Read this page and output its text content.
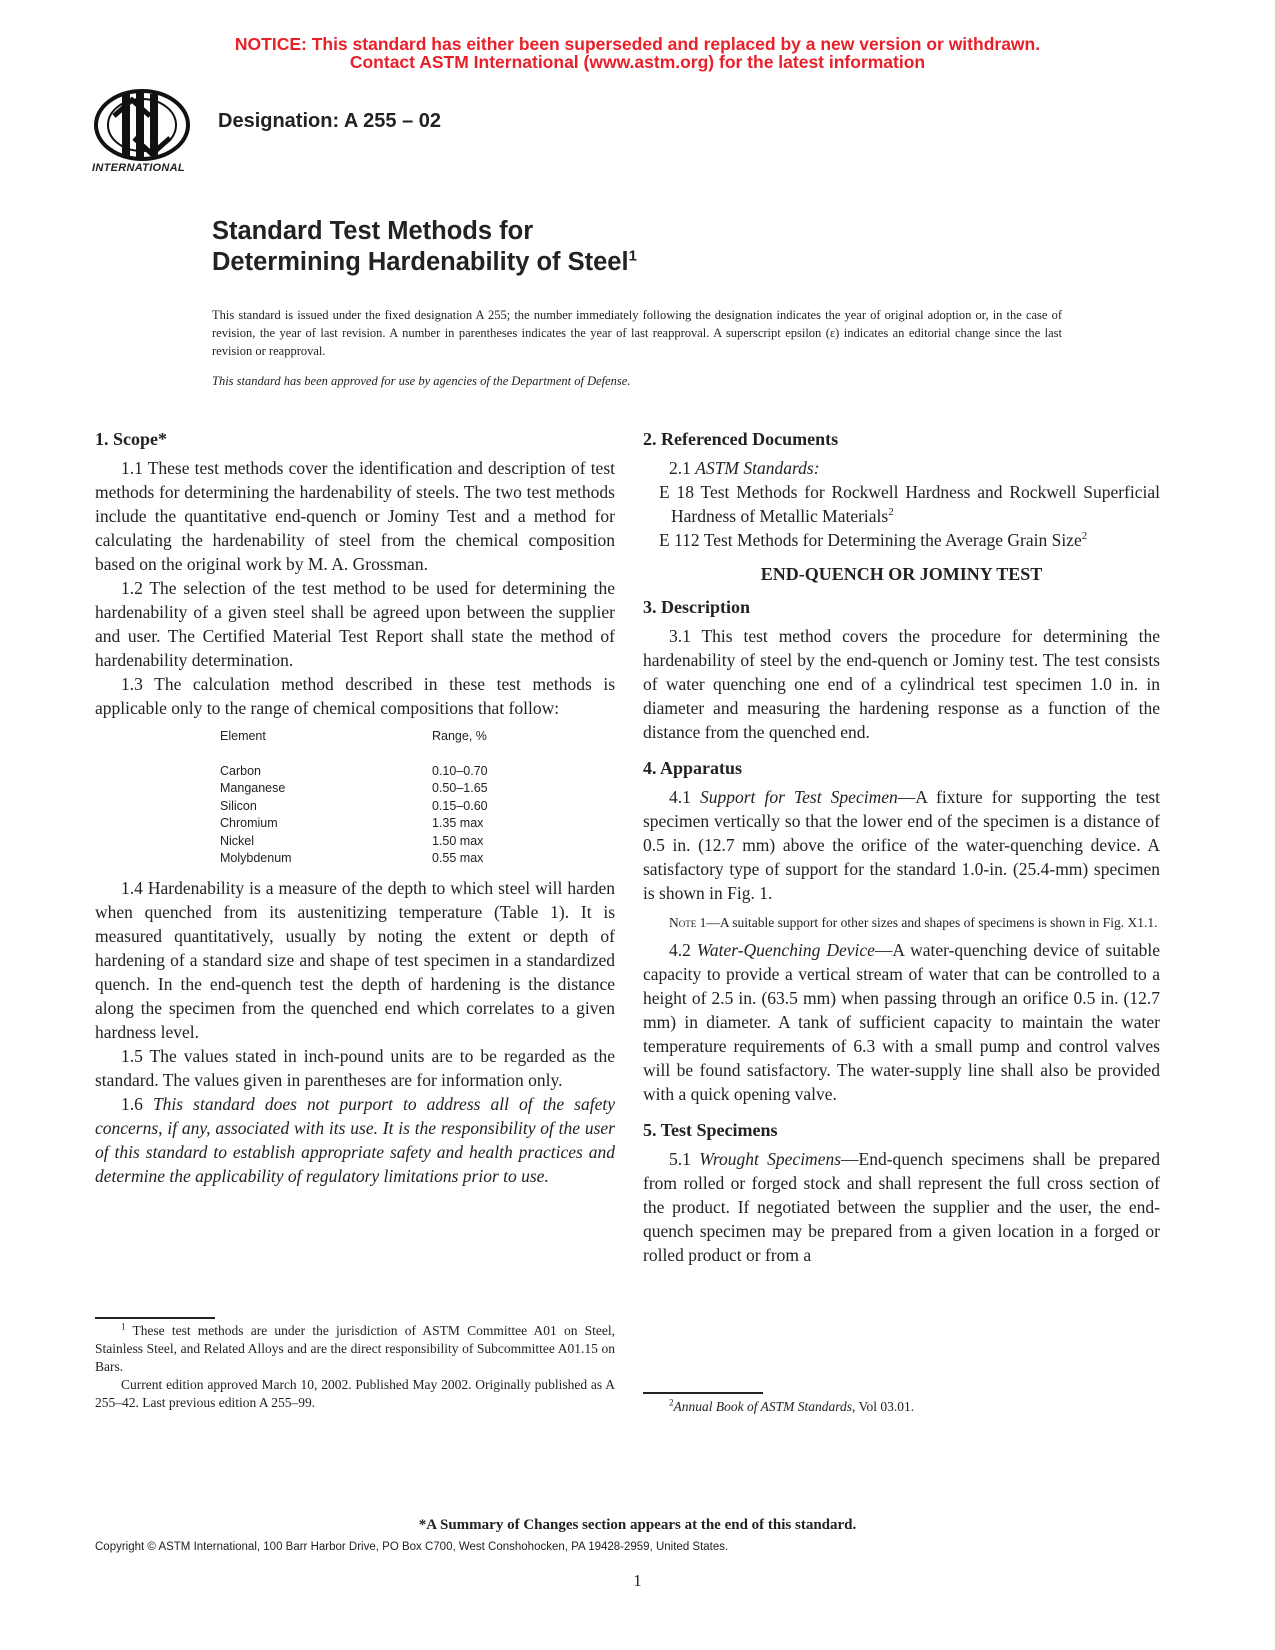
NOTICE: This standard has either been superseded and replaced by a new version or withdrawn.
Contact ASTM International (www.astm.org) for the latest information
INTERNATIONAL
Designation: A 255 – 02
Standard Test Methods for
Determining Hardenability of Steel$^1$
This standard is issued under the fixed designation A 255; the number immediately following the designation indicates the year of original adoption or, in the case of revision, the year of last revision. A number in parentheses indicates the year of last reapproval. A superscript epsilon (ε) indicates an editorial change since the last revision or reapproval.
This standard has been approved for use by agencies of the Department of Defense.

1. Scope*

1.1 These test methods cover the identification and description of test methods for determining the hardenability of steels. The two test methods include the quantitative end-quench or Jominy Test and a method for calculating the hardenability of steel from the chemical composition based on the original work by M. A. Grossman.

1.2 The selection of the test method to be used for determining the hardenability of a given steel shall be agreed upon between the supplier and user. The Certified Material Test Report shall state the method of hardenability determination.

1.3 The calculation method described in these test methods is applicable only to the range of chemical compositions that follow:

Element	Range, %
Carbon	0.10–0.70
Manganese	0.50–1.65
Silicon	0.15–0.60
Chromium	1.35 max
Nickel	1.50 max
Molybdenum	0.55 max

1.4 Hardenability is a measure of the depth to which steel will harden when quenched from its austenitizing temperature (Table 1). It is measured quantitatively, usually by noting the extent or depth of hardening of a standard size and shape of test specimen in a standardized quench. In the end-quench test the depth of hardening is the distance along the specimen from the quenched end which correlates to a given hardness level.

1.5 The values stated in inch-pound units are to be regarded as the standard. The values given in parentheses are for information only.

1.6 This standard does not purport to address all of the safety concerns, if any, associated with its use. It is the responsibility of the user of this standard to establish appropriate safety and health practices and determine the applicability of regulatory limitations prior to use.

$^1$ These test methods are under the jurisdiction of ASTM Committee A01 on Steel, Stainless Steel, and Related Alloys and are the direct responsibility of Subcommittee A01.15 on Bars.
Current edition approved March 10, 2002. Published May 2002. Originally published as A 255–42. Last previous edition A 255–99.

2. Referenced Documents

2.1 ASTM Standards:

E 18 Test Methods for Rockwell Hardness and Rockwell Superficial Hardness of Metallic Materials$^2$

E 112 Test Methods for Determining the Average Grain Size$^2$

END-QUENCH OR JOMINY TEST

3. Description

3.1 This test method covers the procedure for determining the hardenability of steel by the end-quench or Jominy test. The test consists of water quenching one end of a cylindrical test specimen 1.0 in. in diameter and measuring the hardening response as a function of the distance from the quenched end.

4. Apparatus

4.1 Support for Test Specimen—A fixture for supporting the test specimen vertically so that the lower end of the specimen is a distance of 0.5 in. (12.7 mm) above the orifice of the water-quenching device. A satisfactory type of support for the standard 1.0-in. (25.4-mm) specimen is shown in Fig. 1.

Note 1—A suitable support for other sizes and shapes of specimens is shown in Fig. X1.1.

4.2 Water-Quenching Device—A water-quenching device of suitable capacity to provide a vertical stream of water that can be controlled to a height of 2.5 in. (63.5 mm) when passing through an orifice 0.5 in. (12.7 mm) in diameter. A tank of sufficient capacity to maintain the water temperature requirements of 6.3 with a small pump and control valves will be found satisfactory. The water-supply line shall also be provided with a quick opening valve.

5. Test Specimens

5.1 Wrought Specimens—End-quench specimens shall be prepared from rolled or forged stock and shall represent the full cross section of the product. If negotiated between the supplier and the user, the end-quench specimen may be prepared from a given location in a forged or rolled product or from a

$^2$Annual Book of ASTM Standards, Vol 03.01.
*A Summary of Changes section appears at the end of this standard.
Copyright © ASTM International, 100 Barr Harbor Drive, PO Box C700, West Conshohocken, PA 19428-2959, United States.
1
